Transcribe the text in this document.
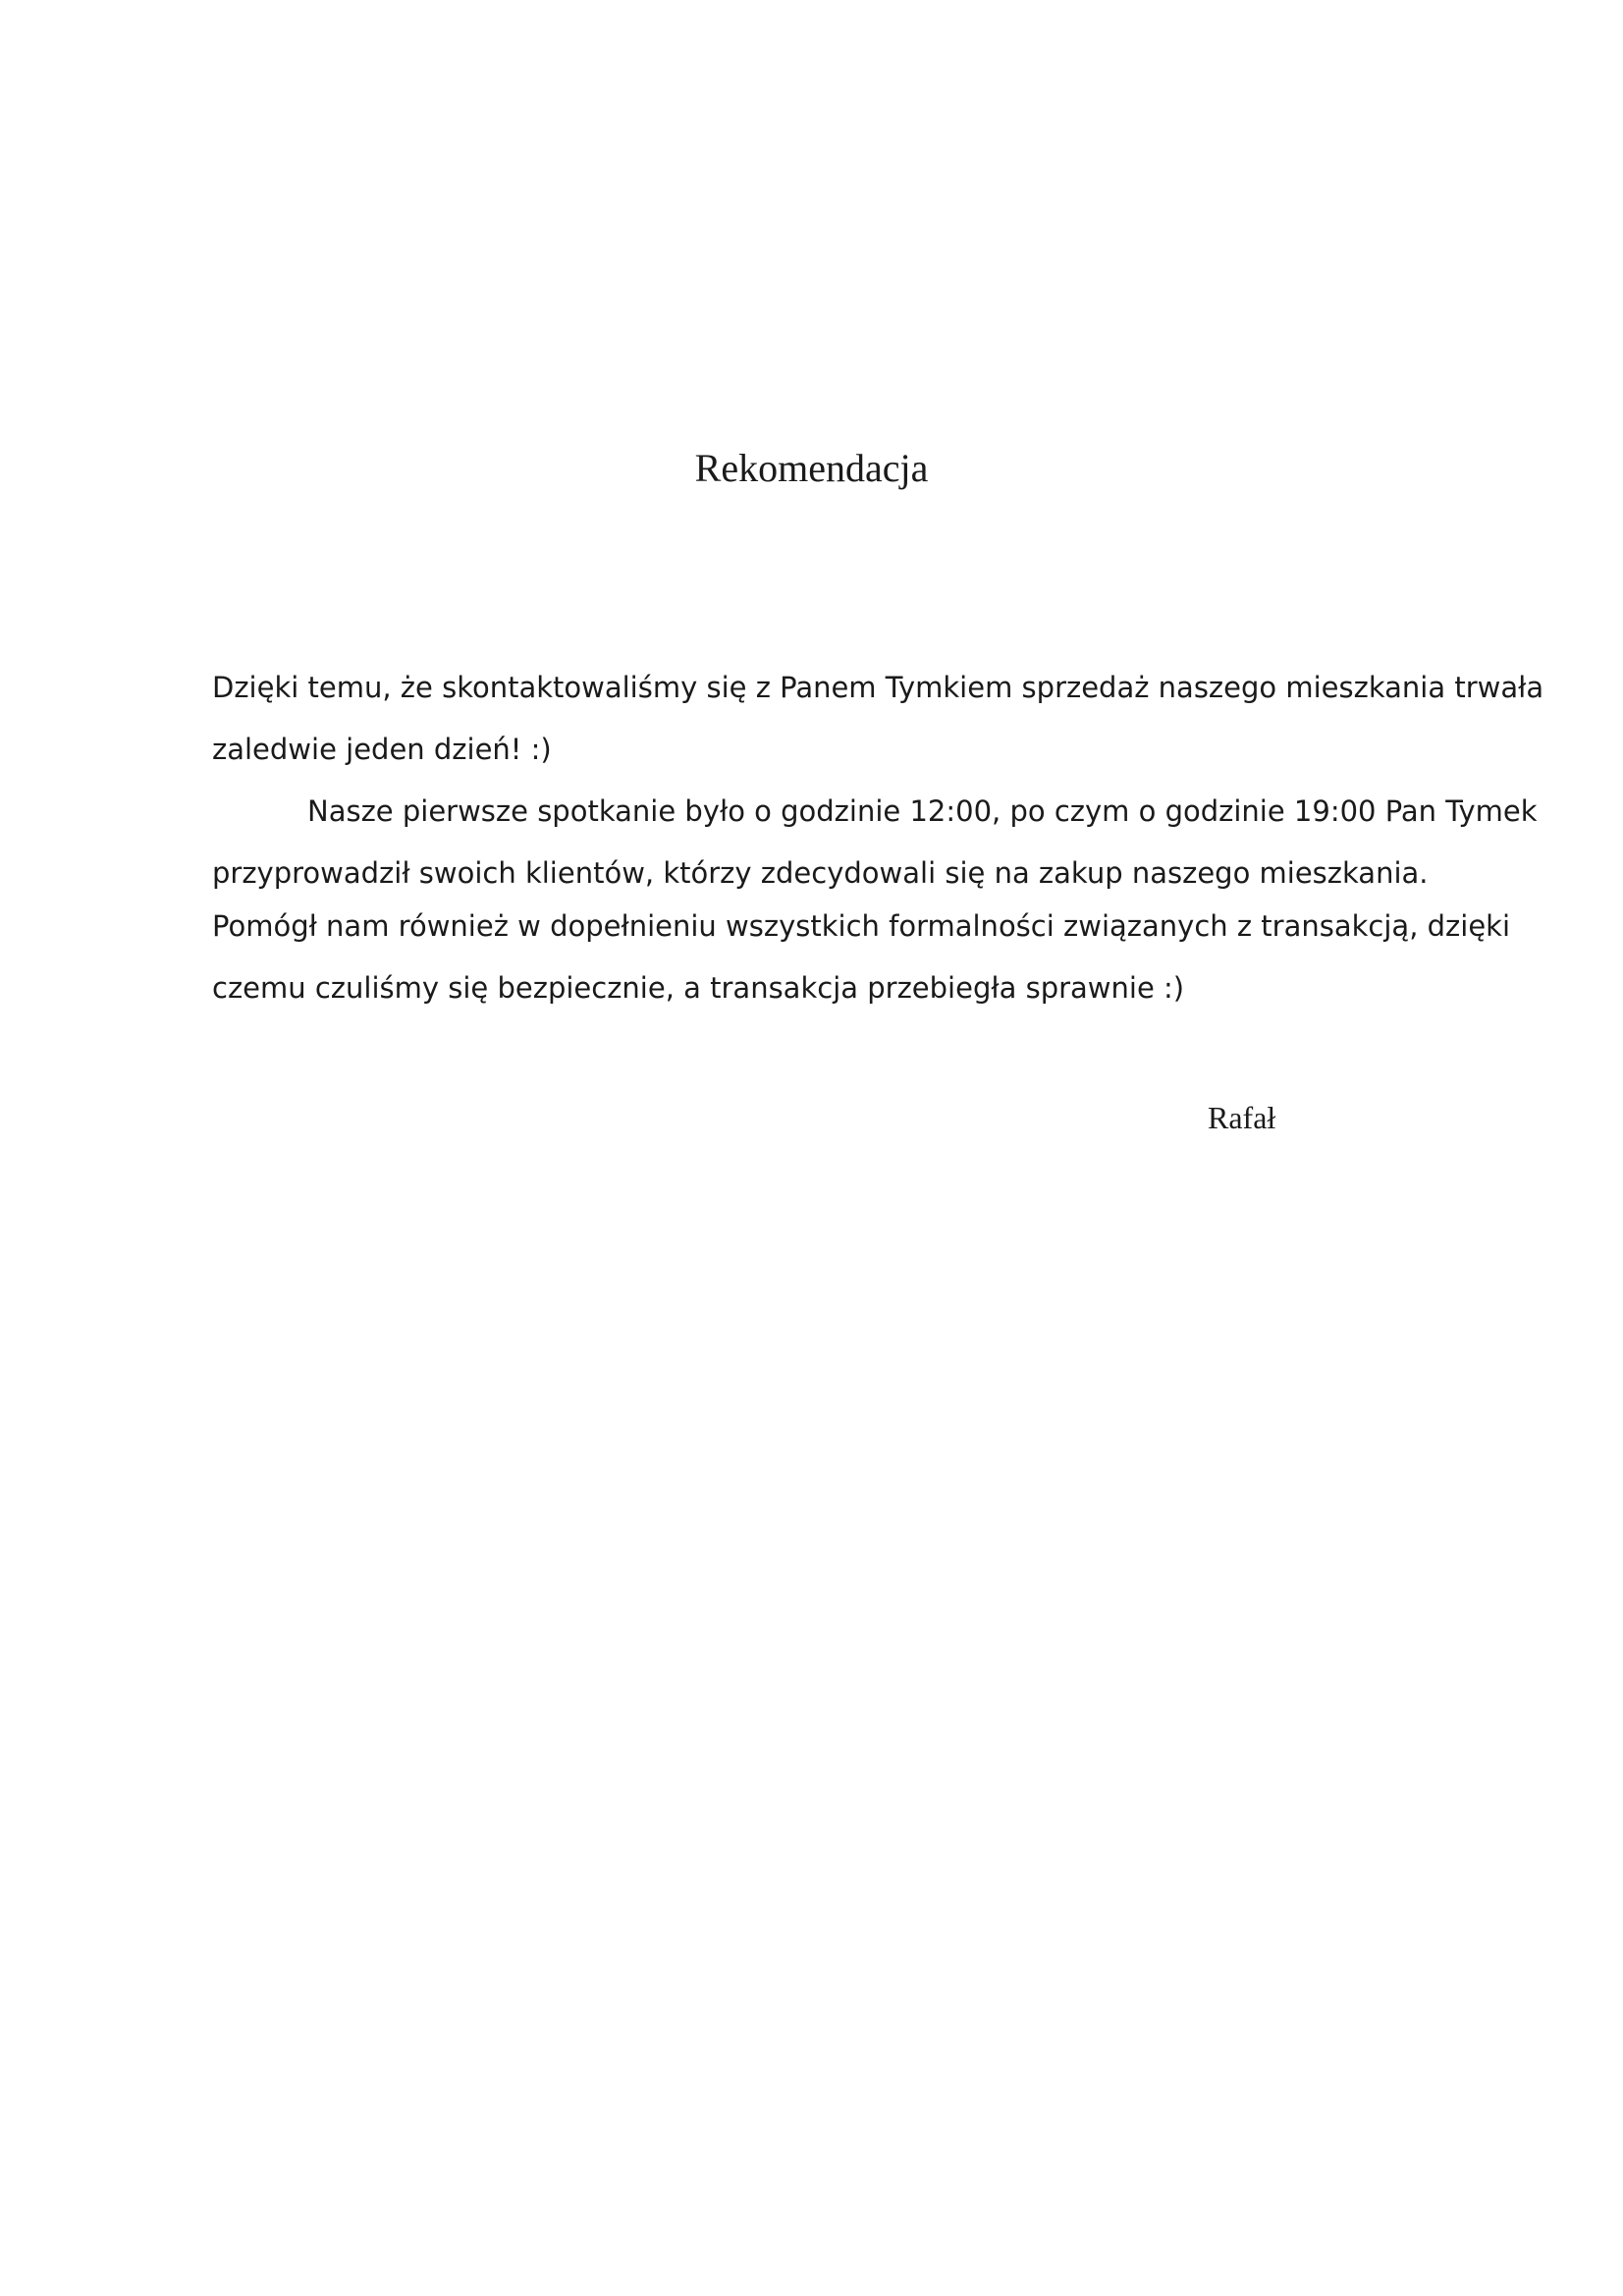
Rekomendacja

Dzięki temu, że skontaktowaliśmy się z Panem Tymkiem sprzedaż naszego mieszkania trwała

zaledwie jeden dzień! :)

Nasze pierwsze spotkanie było o godzinie 12:00, po czym o godzinie 19:00 Pan Tymek

przyprowadził swoich klientów, którzy zdecydowali się na zakup naszego mieszkania.

Pomógł nam również w dopełnieniu wszystkich formalności związanych z transakcją, dzięki

czemu czuliśmy się bezpiecznie, a transakcja przebiegła sprawnie :)

Rafał
